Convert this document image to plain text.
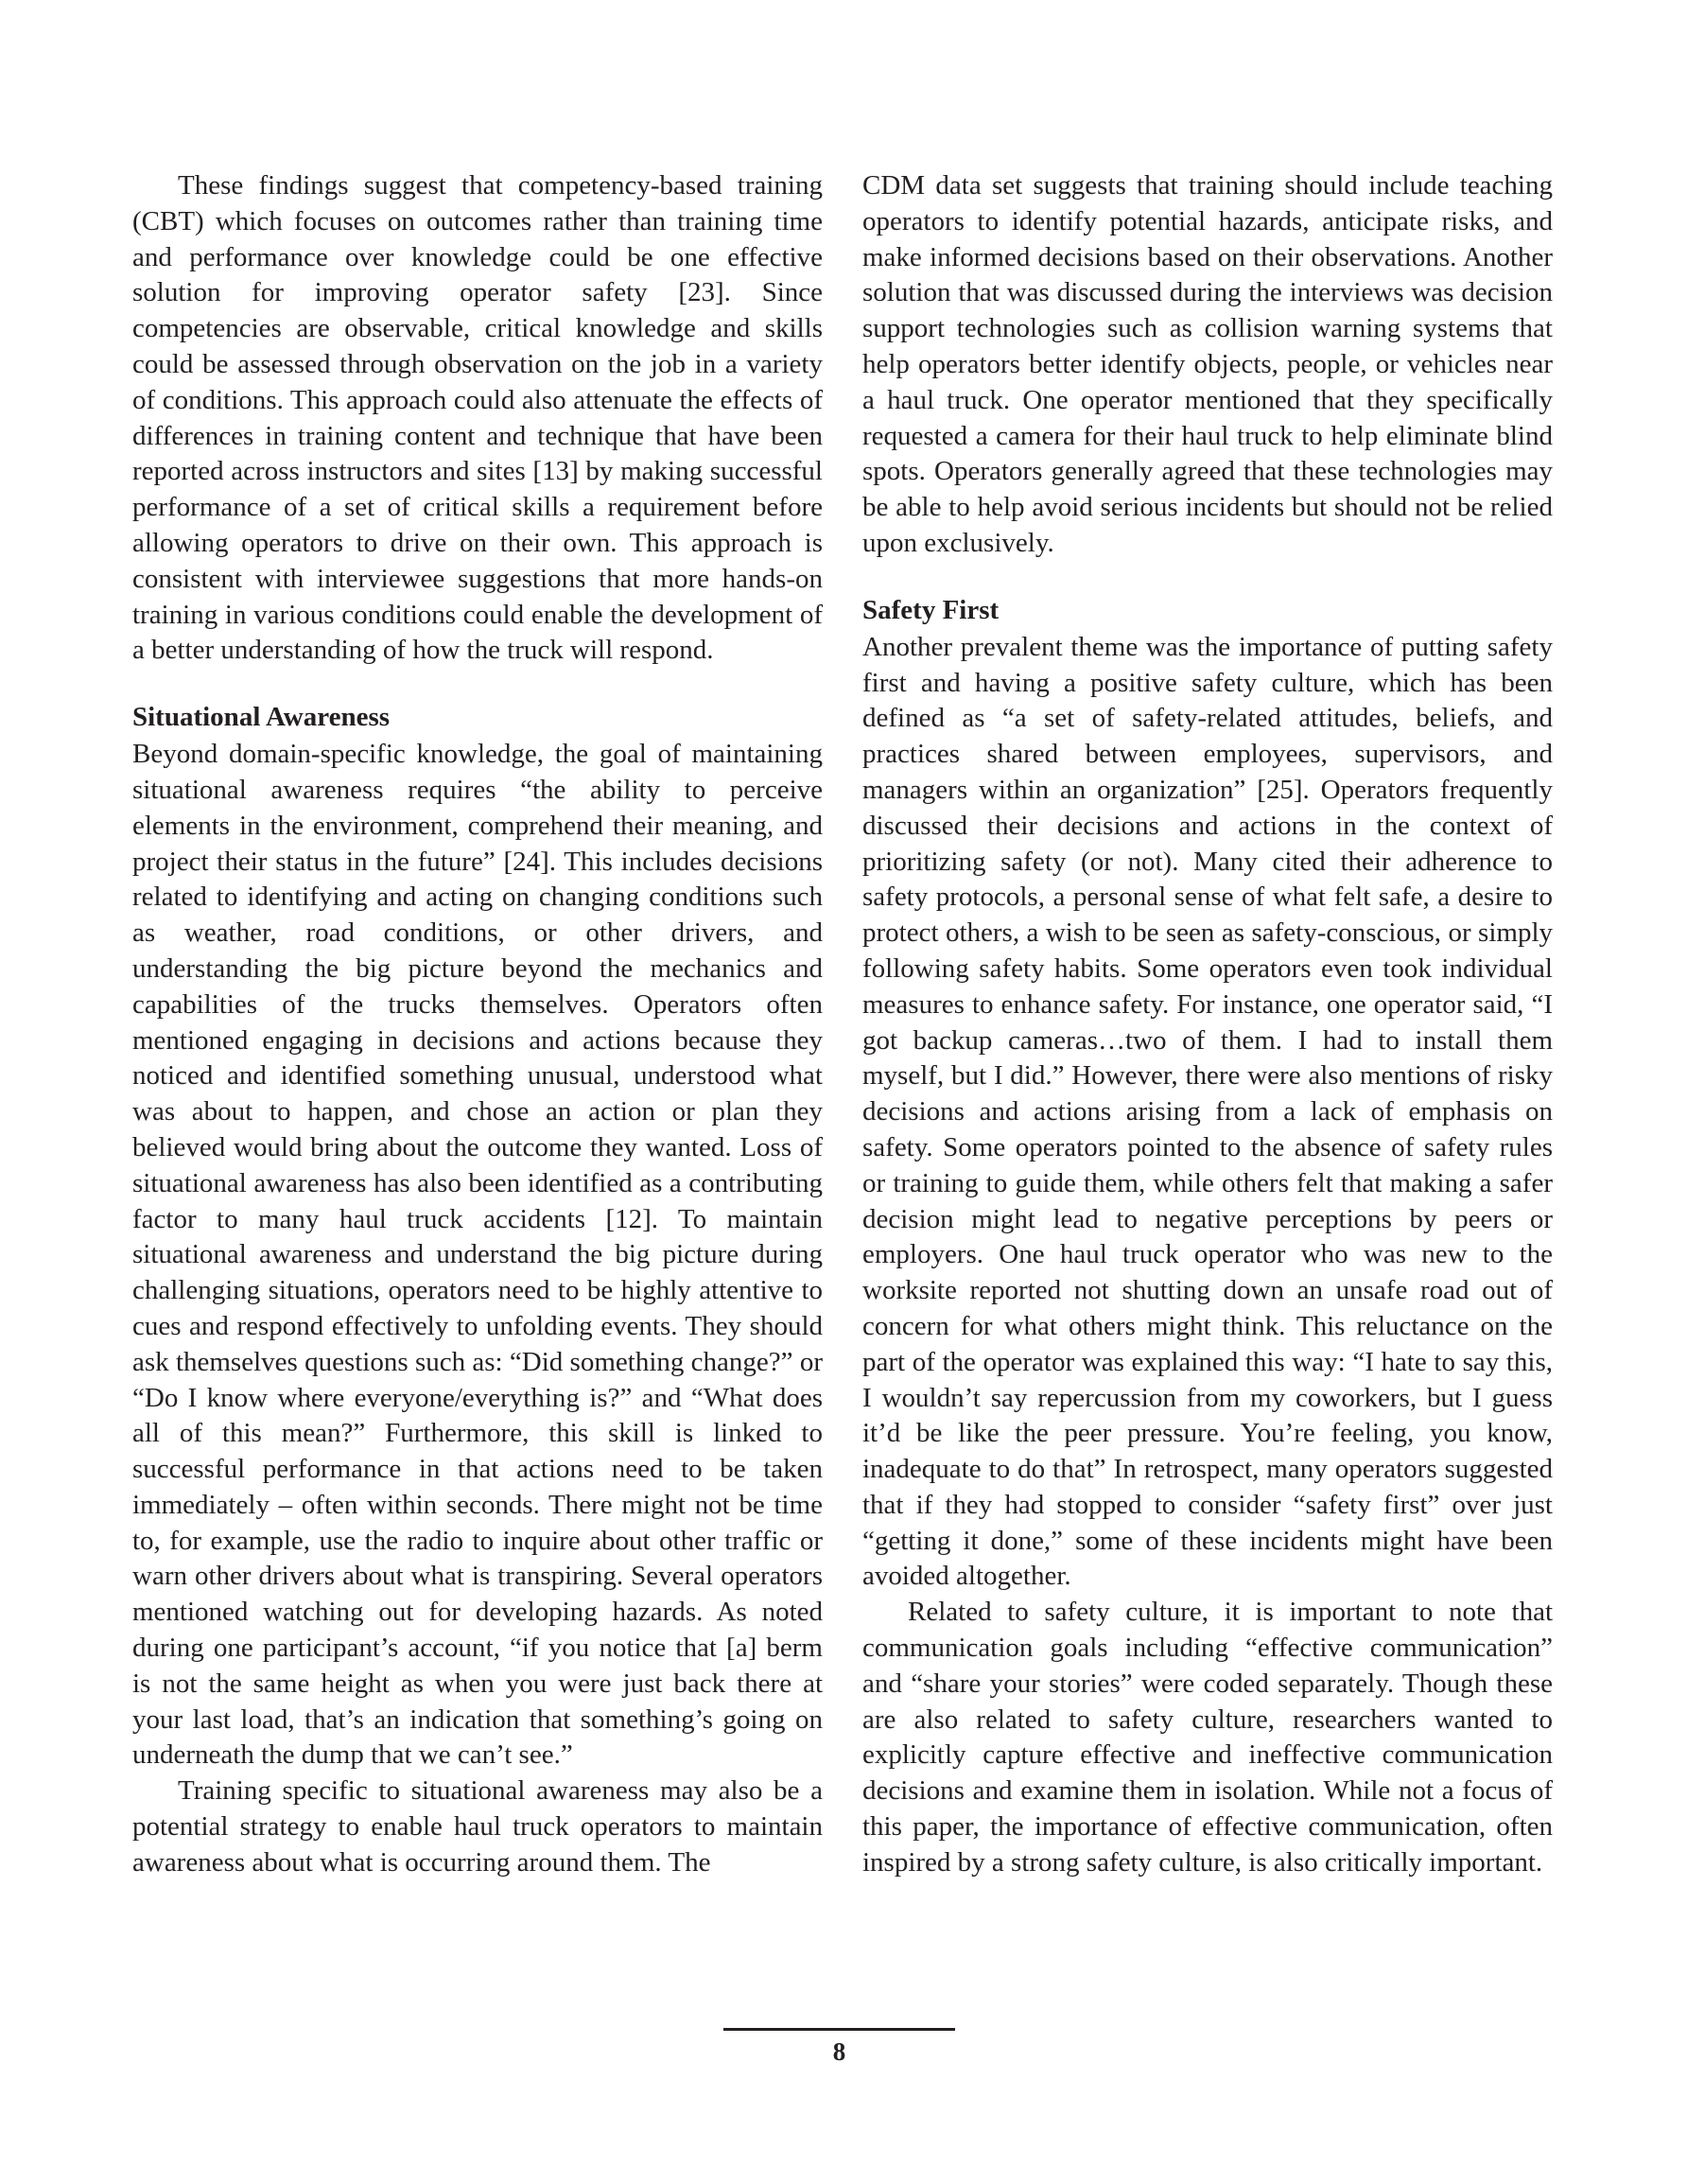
These findings suggest that competency-based training (CBT) which focuses on outcomes rather than training time and performance over knowledge could be one effective solution for improving operator safety [23]. Since competencies are observable, critical knowledge and skills could be assessed through observation on the job in a variety of conditions. This approach could also attenuate the effects of differences in training content and technique that have been reported across instructors and sites [13] by making successful performance of a set of critical skills a requirement before allowing operators to drive on their own. This approach is consistent with interviewee suggestions that more hands-on training in various conditions could enable the development of a better understanding of how the truck will respond.

Situational Awareness

Beyond domain-specific knowledge, the goal of maintaining situational awareness requires “the ability to perceive elements in the environment, comprehend their meaning, and project their status in the future” [24]. This includes decisions related to identifying and acting on changing conditions such as weather, road conditions, or other drivers, and understanding the big picture beyond the mechanics and capabilities of the trucks themselves. Operators often mentioned engaging in decisions and actions because they noticed and identified something unusual, understood what was about to happen, and chose an action or plan they believed would bring about the outcome they wanted. Loss of situational awareness has also been identified as a contributing factor to many haul truck accidents [12]. To maintain situational awareness and understand the big picture during challenging situations, operators need to be highly attentive to cues and respond effectively to unfolding events. They should ask themselves questions such as: “Did something change?” or “Do I know where everyone/everything is?” and “What does all of this mean?” Furthermore, this skill is linked to successful performance in that actions need to be taken immediately – often within seconds. There might not be time to, for example, use the radio to inquire about other traffic or warn other drivers about what is transpiring. Several operators mentioned watching out for developing hazards. As noted during one participant’s account, “if you notice that [a] berm is not the same height as when you were just back there at your last load, that’s an indication that something’s going on underneath the dump that we can’t see.”

Training specific to situational awareness may also be a potential strategy to enable haul truck operators to maintain awareness about what is occurring around them. The

CDM data set suggests that training should include teaching operators to identify potential hazards, anticipate risks, and make informed decisions based on their observations. Another solution that was discussed during the interviews was decision support technologies such as collision warning systems that help operators better identify objects, people, or vehicles near a haul truck. One operator mentioned that they specifically requested a camera for their haul truck to help eliminate blind spots. Operators generally agreed that these technologies may be able to help avoid serious incidents but should not be relied upon exclusively.

Safety First

Another prevalent theme was the importance of putting safety first and having a positive safety culture, which has been defined as “a set of safety-related attitudes, beliefs, and practices shared between employees, supervisors, and managers within an organization” [25]. Operators frequently discussed their decisions and actions in the context of prioritizing safety (or not). Many cited their adherence to safety protocols, a personal sense of what felt safe, a desire to protect others, a wish to be seen as safety-conscious, or simply following safety habits. Some operators even took individual measures to enhance safety. For instance, one operator said, “I got backup cameras…two of them. I had to install them myself, but I did.” However, there were also mentions of risky decisions and actions arising from a lack of emphasis on safety. Some operators pointed to the absence of safety rules or training to guide them, while others felt that making a safer decision might lead to negative perceptions by peers or employers. One haul truck operator who was new to the worksite reported not shutting down an unsafe road out of concern for what others might think. This reluctance on the part of the operator was explained this way: “I hate to say this, I wouldn’t say repercussion from my coworkers, but I guess it’d be like the peer pressure. You’re feeling, you know, inadequate to do that” In retrospect, many operators suggested that if they had stopped to consider “safety first” over just “getting it done,” some of these incidents might have been avoided altogether.

Related to safety culture, it is important to note that communication goals including “effective communication” and “share your stories” were coded separately. Though these are also related to safety culture, researchers wanted to explicitly capture effective and ineffective communication decisions and examine them in isolation. While not a focus of this paper, the importance of effective communication, often inspired by a strong safety culture, is also critically important.

8
